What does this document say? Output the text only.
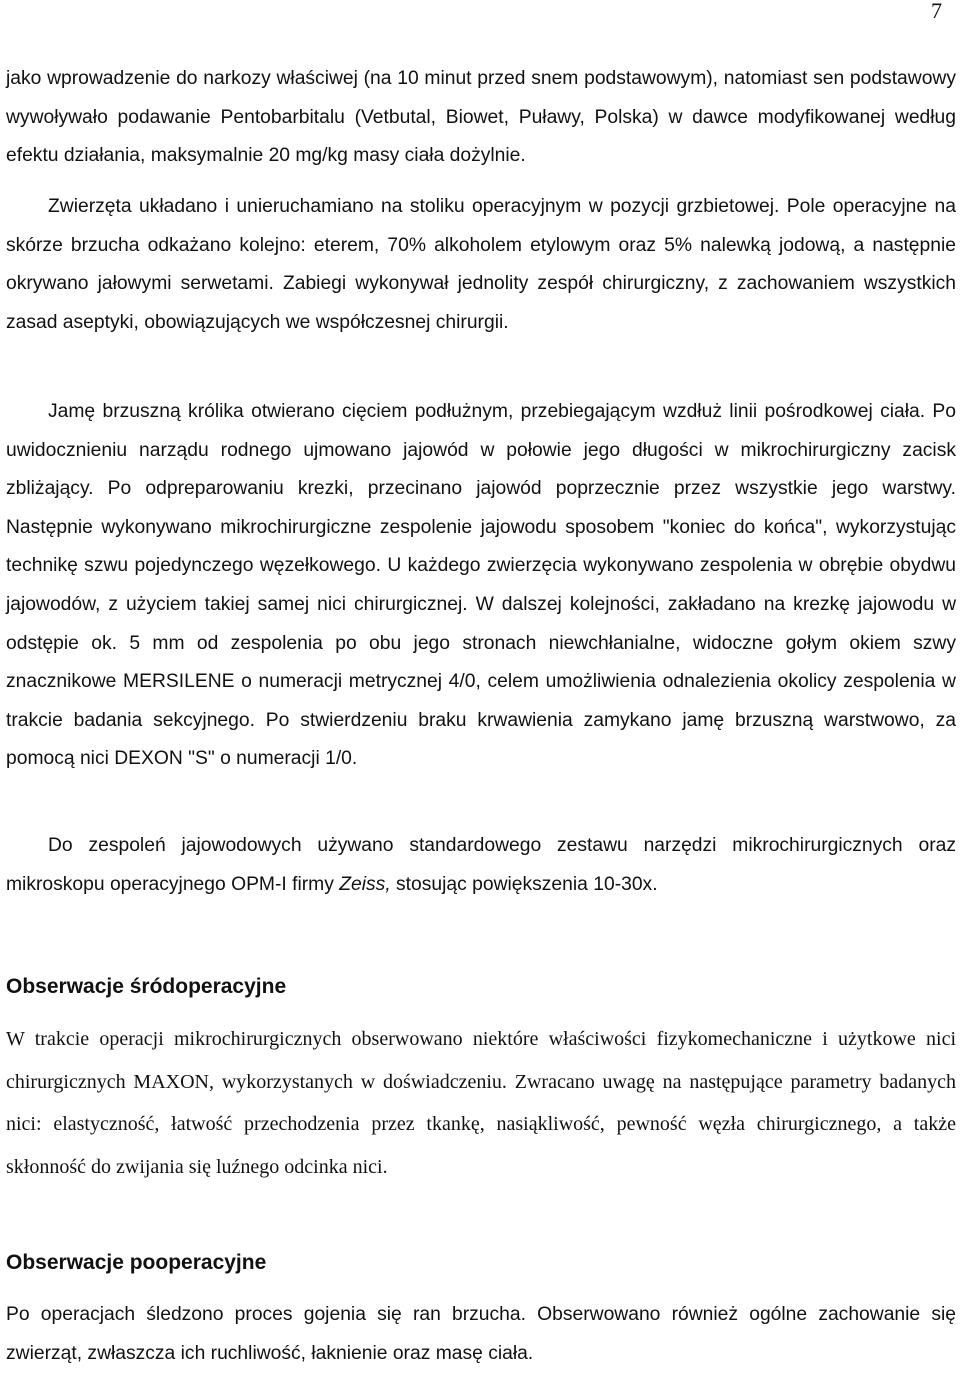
7

jako wprowadzenie do narkozy właściwej (na 10 minut przed snem podstawowym), natomiast sen podstawowy wywoływało podawanie Pentobarbitalu (Vetbutal, Biowet, Puławy, Polska) w dawce modyfikowanej według efektu działania, maksymalnie 20 mg/kg masy ciała dożylnie.

Zwierzęta układano i unieruchamiano na stoliku operacyjnym w pozycji grzbietowej. Pole operacyjne na skórze brzucha odkażano kolejno: eterem, 70% alkoholem etylowym oraz 5% nalewką jodową, a następnie okrywano jałowymi serwetami. Zabiegi wykonywał jednolity zespół chirurgiczny, z zachowaniem wszystkich zasad aseptyki, obowiązujących we współczesnej chirurgii.

Jamę brzuszną królika otwierano cięciem podłużnym, przebiegającym wzdłuż linii pośrodkowej ciała. Po uwidocznieniu narządu rodnego ujmowano jajowód w połowie jego długości w mikrochirurgiczny zacisk zbliżający. Po odpreparowaniu krezki, przecinano jajowód poprzecznie przez wszystkie jego warstwy. Następnie wykonywano mikrochirurgiczne zespolenie jajowodu sposobem "koniec do końca", wykorzystując technikę szwu pojedynczego węzełkowego. U każdego zwierzęcia wykonywano zespolenia w obrębie obydwu jajowodów, z użyciem takiej samej nici chirurgicznej. W dalszej kolejności, zakładano na krezkę jajowodu w odstępie ok. 5 mm od zespolenia po obu jego stronach niewchłanialne, widoczne gołym okiem szwy znacznikowe MERSILENE o numeracji metrycznej 4/0, celem umożliwienia odnalezienia okolicy zespolenia w trakcie badania sekcyjnego. Po stwierdzeniu braku krwawienia zamykano jamę brzuszną warstwowo, za pomocą nici DEXON "S" o numeracji 1/0.

Do zespoleń jajowodowych używano standardowego zestawu narzędzi mikrochirurgicznych oraz mikroskopu operacyjnego OPM-I firmy Zeiss, stosując powiększenia 10-30x.

Obserwacje śródoperacyjne

W trakcie operacji mikrochirurgicznych obserwowano niektóre właściwości fizykomechaniczne i użytkowe nici chirurgicznych MAXON, wykorzystanych w doświadczeniu. Zwracano uwagę na następujące parametry badanych nici: elastyczność, łatwość przechodzenia przez tkankę, nasiąkliwość, pewność węzła chirurgicznego, a także skłonność do zwijania się luźnego odcinka nici.

Obserwacje pooperacyjne

Po operacjach śledzono proces gojenia się ran brzucha. Obserwowano również ogólne zachowanie się zwierząt, zwłaszcza ich ruchliwość, łaknienie oraz masę ciała.
